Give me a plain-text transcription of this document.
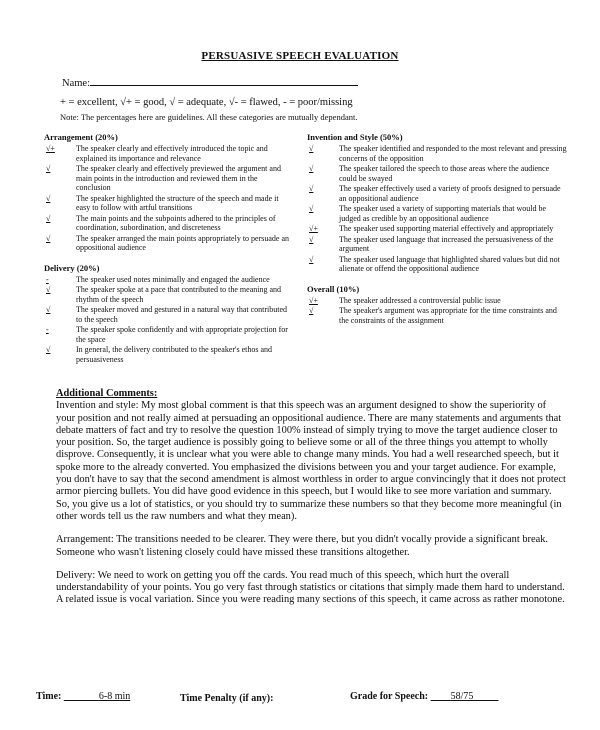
PERSUASIVE SPEECH EVALUATION
Name:
+ = excellent, √+ = good, √ = adequate, √- = flawed, - = poor/missing
Note: The percentages here are guidelines. All these categories are mutually dependant.
Arrangement (20%)
√+	The speaker clearly and effectively introduced the topic and explained its importance and relevance
√	The speaker clearly and effectively previewed the argument and main points in the introduction and reviewed them in the conclusion
√	The speaker highlighted the structure of the speech and made it easy to follow with artful transitions
√	The main points and the subpoints adhered to the principles of coordination, subordination, and discreteness
√	The speaker arranged the main points appropriately to persuade an oppositional audience
Delivery (20%)
-	The speaker used notes minimally and engaged the audience
√	The speaker spoke at a pace that contributed to the meaning and rhythm of the speech
√	The speaker moved and gestured in a natural way that contributed to the speech
-	The speaker spoke confidently and with appropriate projection for the space
√	In general, the delivery contributed to the speaker's ethos and persuasiveness
Invention and Style (50%)
√	The speaker identified and responded to the most relevant and pressing concerns of the opposition
√	The speaker tailored the speech to those areas where the audience could be swayed
√	The speaker effectively used a variety of proofs designed to persuade an oppositional audience
√	The speaker used a variety of supporting materials that would be judged as credible by an oppositional audience
√+	The speaker used supporting material effectively and appropriately
√	The speaker used language that increased the persuasiveness of the argument
√	The speaker used language that highlighted shared values but did not alienate or offend the oppositional audience
Overall (10%)
√+	The speaker addressed a controversial public issue
√	The speaker's argument was appropriate for the time constraints and the constraints of the assignment
Additional Comments:

Invention and style: My most global comment is that this speech was an argument designed to show the superiority of your position and not really aimed at persuading an oppositional audience. There are many statements and arguments that debate matters of fact and try to resolve the question 100% instead of simply trying to move the target audience closer to your position. So, the target audience is possibly going to believe some or all of the three things you attempt to wholly disprove. Consequently, it is unclear what you were able to change many minds. You had a well researched speech, but it spoke more to the already converted. You emphasized the divisions between you and your target audience. For example, you don't have to say that the second amendment is almost worthless in order to argue convincingly that it does not protect armor piercing bullets. You did have good evidence in this speech, but I would like to see more variation and summary. So, you give us a lot of statistics, or you should try to summarize these numbers so that they become more meaningful (in other words tell us the raw numbers and what they mean).

Arrangement: The transitions needed to be clearer. They were there, but you didn't vocally provide a significant break. Someone who wasn't listening closely could have missed these transitions altogether.

Delivery: We need to work on getting you off the cards. You read much of this speech, which hurt the overall understandability of your points. You go very fast through statistics or citations that simply made them hard to understand. A related issue is vocal variation. Since you were reading many sections of this speech, it came across as rather monotone.

Time:        	6-8 min	Time Penalty (if any):	Grade for Speech:      58/75     
